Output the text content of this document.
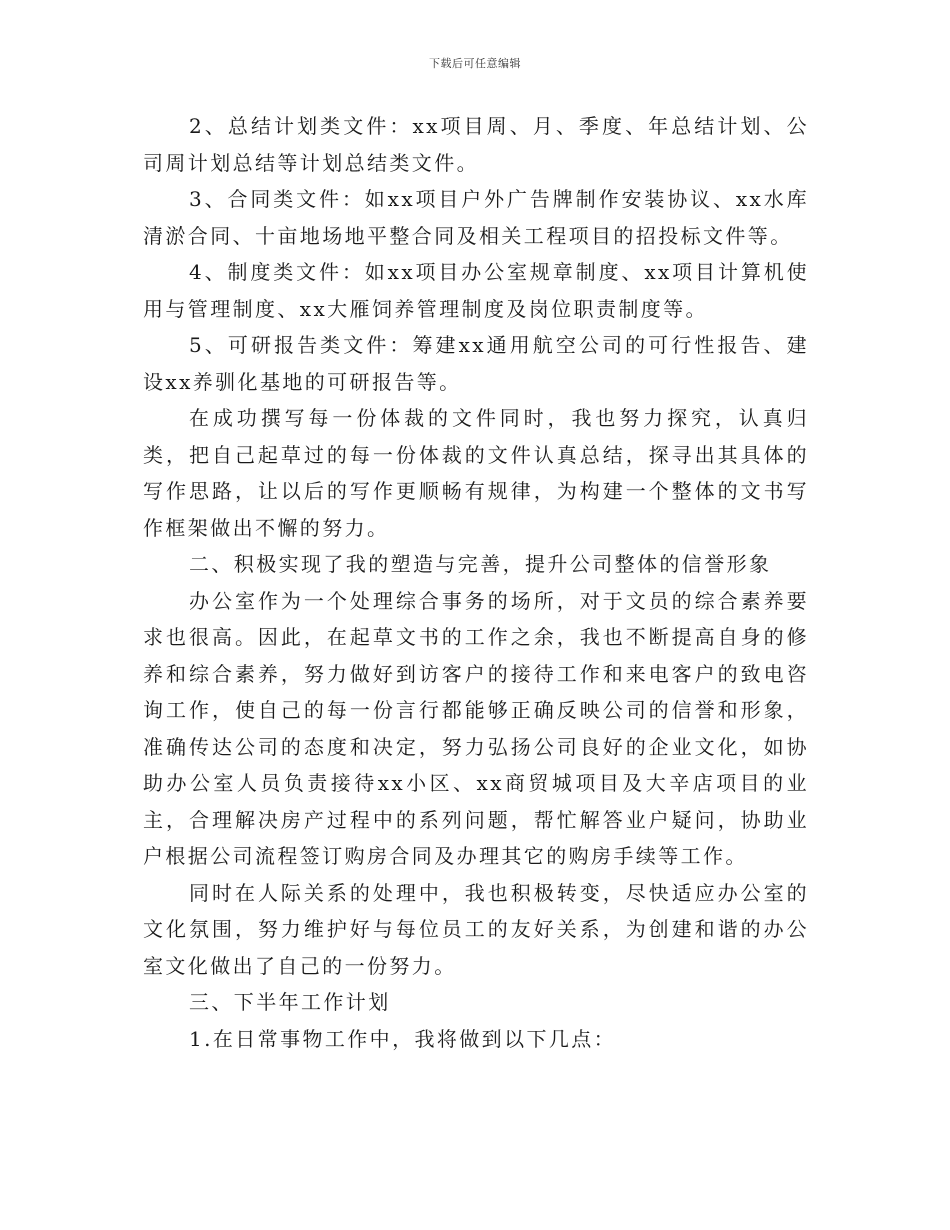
下载后可任意编辑

2、总结计划类文件：xx项目周、月、季度、年总结计划、公司周计划总结等计划总结类文件。

3、合同类文件：如xx项目户外广告牌制作安装协议、xx水库清淤合同、十亩地场地平整合同及相关工程项目的招投标文件等。

4、制度类文件：如xx项目办公室规章制度、xx项目计算机使用与管理制度、xx大雁饲养管理制度及岗位职责制度等。

5、可研报告类文件：筹建xx通用航空公司的可行性报告、建设xx养驯化基地的可研报告等。

在成功撰写每一份体裁的文件同时，我也努力探究，认真归类，把自己起草过的每一份体裁的文件认真总结，探寻出其具体的写作思路，让以后的写作更顺畅有规律，为构建一个整体的文书写作框架做出不懈的努力。

二、积极实现了我的塑造与完善，提升公司整体的信誉形象

办公室作为一个处理综合事务的场所，对于文员的综合素养要求也很高。因此，在起草文书的工作之余，我也不断提高自身的修养和综合素养，努力做好到访客户的接待工作和来电客户的致电咨询工作，使自己的每一份言行都能够正确反映公司的信誉和形象，准确传达公司的态度和决定，努力弘扬公司良好的企业文化，如协助办公室人员负责接待xx小区、xx商贸城项目及大辛店项目的业主，合理解决房产过程中的系列问题，帮忙解答业户疑问，协助业户根据公司流程签订购房合同及办理其它的购房手续等工作。

同时在人际关系的处理中，我也积极转变，尽快适应办公室的文化氛围，努力维护好与每位员工的友好关系，为创建和谐的办公室文化做出了自己的一份努力。

三、下半年工作计划

1.在日常事物工作中，我将做到以下几点：
